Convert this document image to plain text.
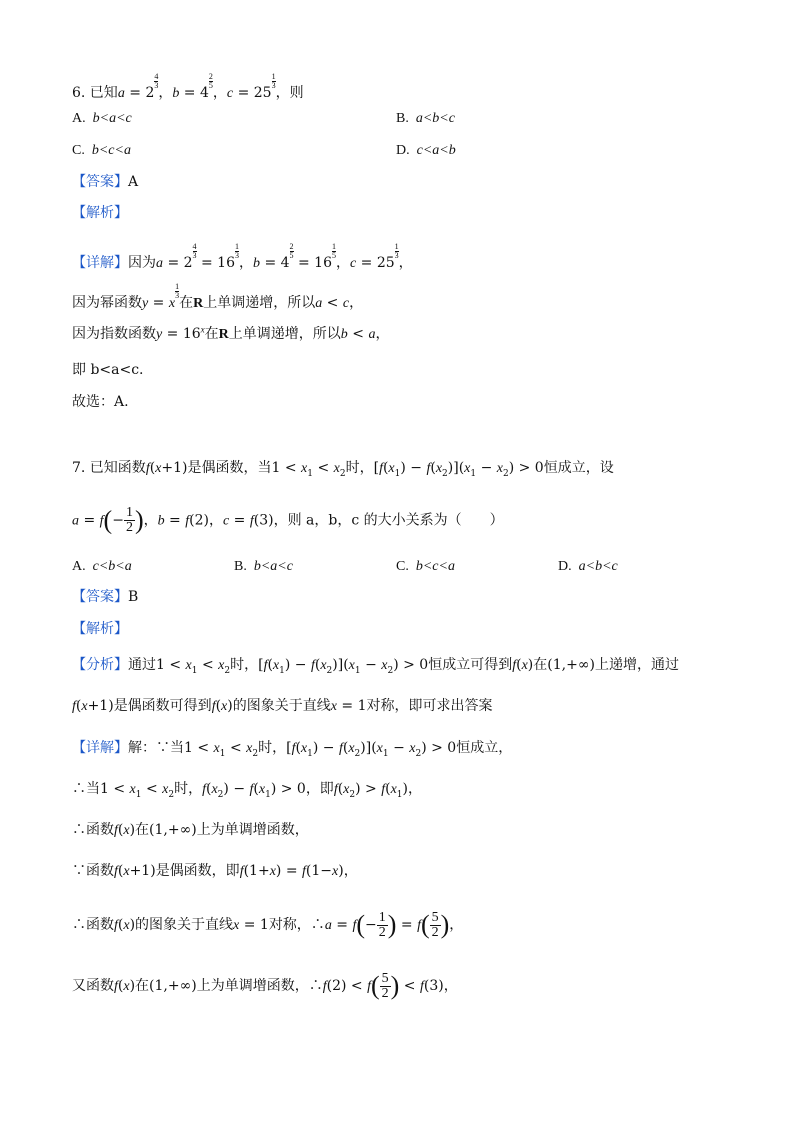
6. 已知a = 2
$\frac{4}{3}$
，b = 4
$\frac{2}{5}$
，c = 25
$\frac{1}{3}$
，则
A. b<a<c	B. a<b<c
C. b<c<a	D. c<a<b
【答案】A
【解析】
【详解】因为a = 2
$\frac{4}{3}$
= 16
$\frac{1}{3}$
，b = 4
$\frac{2}{5}$
= 16
$\frac{1}{5}$
，c = 25
$\frac{1}{3}$
，
因为幂函数y = x
$\frac{1}{3}$
在R上单调递增，所以a < c，
因为指数函数$y = 16^x$在R上单调递增，所以b < a，
即 b<a<c.
故选：A.
7. 已知函数f(x+1)是偶函数，当$1 < x_1 < x_2$时，$[f(x_1) - f(x_2)](x_1 - x_2) > 0$恒成立，设
$a = f(- \frac{1}{2}$ )，b = f(2)，c = f(3)，则 a，b，c 的大小关系为（　　）
A. c<b<a	B. b<a<c	C. b<c<a	D. a<b<c
【答案】B
【解析】
【分析】通过$1 < x_1 < x_2$时，$[f(x_1) - f(x_2)](x_1 - x_2) > 0$恒成立可得到f(x)在(1,+∞)上递增，通过
f(x+1)是偶函数可得到f(x)的图象关于直线x = 1对称，即可求出答案
【详解】解：∵当$1 < x_1 < x_2$时，$[f(x_1) - f(x_2)](x_1 - x_2) > 0$恒成立，
∴当$1 < x_1 < x_2$时，$f(x_2) - f(x_1) > 0$，即$f(x_2) > f(x_1)$，
∴函数f(x)在(1,+∞)上为单调增函数，
∵函数f(x+1)是偶函数，即f(1+x) = f(1−x)，
∴函数f(x)的图象关于直线x = 1对称，∴a = $f(- \frac{1}{2}$ ) = $f( \frac{5}{2}$ )，
又函数f(x)在(1,+∞)上为单调增函数，∴f(2) < $f( \frac{5}{2}$ ) < f(3)，
